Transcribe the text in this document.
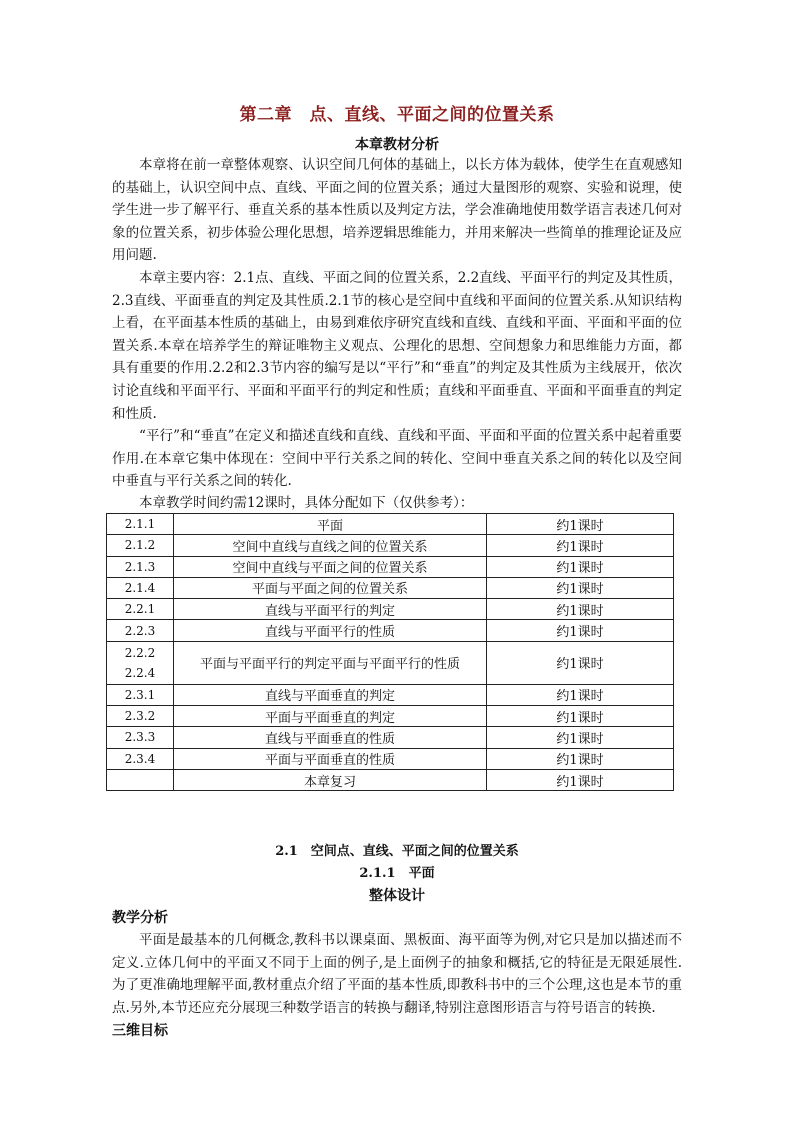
第二章　点、直线、平面之间的位置关系
本章教材分析

本章将在前一章整体观察、认识空间几何体的基础上，以长方体为载体，使学生在直观感知的基础上，认识空间中点、直线、平面之间的位置关系；通过大量图形的观察、实验和说理，使学生进一步了解平行、垂直关系的基本性质以及判定方法，学会准确地使用数学语言表述几何对象的位置关系，初步体验公理化思想，培养逻辑思维能力，并用来解决一些简单的推理论证及应用问题.

本章主要内容：2.1点、直线、平面之间的位置关系，2.2直线、平面平行的判定及其性质，2.3直线、平面垂直的判定及其性质.2.1节的核心是空间中直线和平面间的位置关系.从知识结构上看，在平面基本性质的基础上，由易到难依序研究直线和直线、直线和平面、平面和平面的位置关系.本章在培养学生的辩证唯物主义观点、公理化的思想、空间想象力和思维能力方面，都具有重要的作用.2.2和2.3节内容的编写是以“平行”和“垂直”的判定及其性质为主线展开，依次讨论直线和平面平行、平面和平面平行的判定和性质；直线和平面垂直、平面和平面垂直的判定和性质.

“平行”和“垂直”在定义和描述直线和直线、直线和平面、平面和平面的位置关系中起着重要作用.在本章它集中体现在：空间中平行关系之间的转化、空间中垂直关系之间的转化以及空间中垂直与平行关系之间的转化.

本章教学时间约需12课时，具体分配如下（仅供参考）：

2.1.1	平面	约1课时
2.1.2	空间中直线与直线之间的位置关系	约1课时
2.1.3	空间中直线与平面之间的位置关系	约1课时
2.1.4	平面与平面之间的位置关系	约1课时
2.2.1	直线与平面平行的判定	约1课时
2.2.3	直线与平面平行的性质	约1课时

2.2.2
2.2.4	平面与平面平行的判定平面与平面平行的性质	约1课时
2.3.1	直线与平面垂直的判定	约1课时
2.3.2	平面与平面垂直的判定	约1课时
2.3.3	直线与平面垂直的性质	约1课时
2.3.4	平面与平面垂直的性质	约1课时
	本章复习	约1课时
2.1　空间点、直线、平面之间的位置关系
2.1.1　平面
整体设计
教学分析

平面是最基本的几何概念,教科书以课桌面、黑板面、海平面等为例,对它只是加以描述而不定义.立体几何中的平面又不同于上面的例子,是上面例子的抽象和概括,它的特征是无限延展性.为了更准确地理解平面,教材重点介绍了平面的基本性质,即教科书中的三个公理,这也是本节的重点.另外,本节还应充分展现三种数学语言的转换与翻译,特别注意图形语言与符号语言的转换.

三维目标
